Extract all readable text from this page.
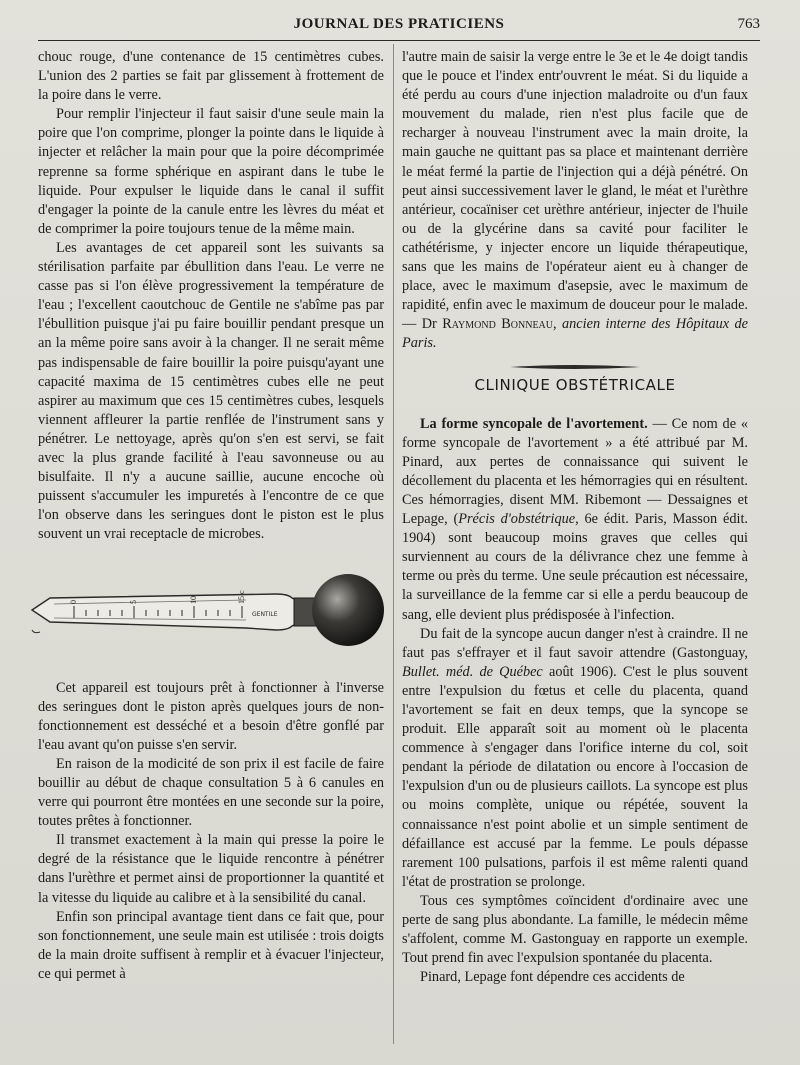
JOURNAL DES PRATICIENS	763

chouc rouge, d'une contenance de 15 centimètres cubes. L'union des 2 parties se fait par glissement à frottement de la poire dans le verre.

Pour remplir l'injecteur il faut saisir d'une seule main la poire que l'on comprime, plonger la pointe dans le liquide à injecter et relâcher la main pour que la poire décomprimée reprenne sa forme sphérique en aspirant dans le tube le liquide. Pour expulser le liquide dans le canal il suffit d'engager la pointe de la canule entre les lèvres du méat et de comprimer la poire toujours tenue de la même main.

Les avantages de cet appareil sont les suivants sa stérilisation parfaite par ébullition dans l'eau. Le verre ne casse pas si l'on élève progressivement la température de l'eau ; l'excellent caoutchouc de Gentile ne s'abîme pas par l'ébullition puisque j'ai pu faire bouillir pendant presque un an la même poire sans avoir à la changer. Il ne serait même pas indispensable de faire bouillir la poire puisqu'ayant une capacité maxima de 15 centimètres cubes elle ne peut aspirer au maximum que ces 15 centimètres cubes, lesquels viennent affleurer la partie renflée de l'instrument sans y pénétrer. Le nettoyage, après qu'on s'en est servi, se fait avec la plus grande facilité à l'eau savonneuse ou au bisulfaite. Il n'y a aucune saillie, aucune encoche où puissent s'accumuler les impuretés à l'encontre de ce que l'on observe dans les seringues dont le piston est le plus souvent un vrai receptacle de microbes.

0	5	10	15 c
GENTILE

Cet appareil est toujours prêt à fonctionner à l'inverse des seringues dont le piston après quelques jours de non-fonctionnement est desséché et a besoin d'être gonflé par l'eau avant qu'on puisse s'en servir.

En raison de la modicité de son prix il est facile de faire bouillir au début de chaque consultation 5 à 6 canules en verre qui pourront être montées en une seconde sur la poire, toutes prêtes à fonctionner.

Il transmet exactement à la main qui presse la poire le degré de la résistance que le liquide rencontre à pénétrer dans l'urèthre et permet ainsi de proportionner la quantité et la vitesse du liquide au calibre et à la sensibilité du canal.

Enfin son principal avantage tient dans ce fait que, pour son fonctionnement, une seule main est utilisée : trois doigts de la main droite suffisent à remplir et à évacuer l'injecteur, ce qui permet à

l'autre main de saisir la verge entre le 3e et le 4e doigt tandis que le pouce et l'index entr'ouvrent le méat. Si du liquide a été perdu au cours d'une injection maladroite ou d'un faux mouvement du malade, rien n'est plus facile que de recharger à nouveau l'instrument avec la main droite, la main gauche ne quittant pas sa place et maintenant derrière le méat fermé la partie de l'injection qui a déjà pénétré. On peut ainsi successivement laver le gland, le méat et l'urèthre antérieur, cocaïniser cet urèthre antérieur, injecter de l'huile ou de la glycérine dans sa cavité pour faciliter le cathétérisme, y injecter encore un liquide thérapeutique, sans que les mains de l'opérateur aient eu à changer de place, avec le maximum d'asepsie, avec le maximum de rapidité, enfin avec le maximum de douceur pour le malade. — Dr Raymond Bonneau, ancien interne des Hôpitaux de Paris.

CLINIQUE OBSTÉTRICALE

La forme syncopale de l'avortement. — Ce nom de « forme syncopale de l'avortement » a été attribué par M. Pinard, aux pertes de connaissance qui suivent le décollement du placenta et les hémorragies qui en résultent. Ces hémorragies, disent MM. Ribemont — Dessaignes et Lepage, (Précis d'obstétrique, 6e édit. Paris, Masson édit. 1904) sont beaucoup moins graves que celles qui surviennent au cours de la délivrance chez une femme à terme ou près du terme. Une seule précaution est nécessaire, la surveillance de la femme car si elle a perdu beaucoup de sang, elle devient plus prédisposée à l'infection.

Du fait de la syncope aucun danger n'est à craindre. Il ne faut pas s'effrayer et il faut savoir attendre (Gastonguay, Bullet. méd. de Québec août 1906). C'est le plus souvent entre l'expulsion du fœtus et celle du placenta, quand l'avortement se fait en deux temps, que la syncope se produit. Elle apparaît soit au moment où le placenta commence à s'engager dans l'orifice interne du col, soit pendant la période de dilatation ou encore à l'occasion de l'expulsion d'un ou de plusieurs caillots. La syncope est plus ou moins complète, unique ou répétée, souvent la connaissance n'est point abolie et un simple sentiment de défaillance est accusé par la femme. Le pouls dépasse rarement 100 pulsations, parfois il est même ralenti quand l'état de prostration se prolonge.

Tous ces symptômes coïncident d'ordinaire avec une perte de sang plus abondante. La famille, le médecin même s'affolent, comme M. Gastonguay en rapporte un exemple. Tout prend fin avec l'expulsion spontanée du placenta.

Pinard, Lepage font dépendre ces accidents de
